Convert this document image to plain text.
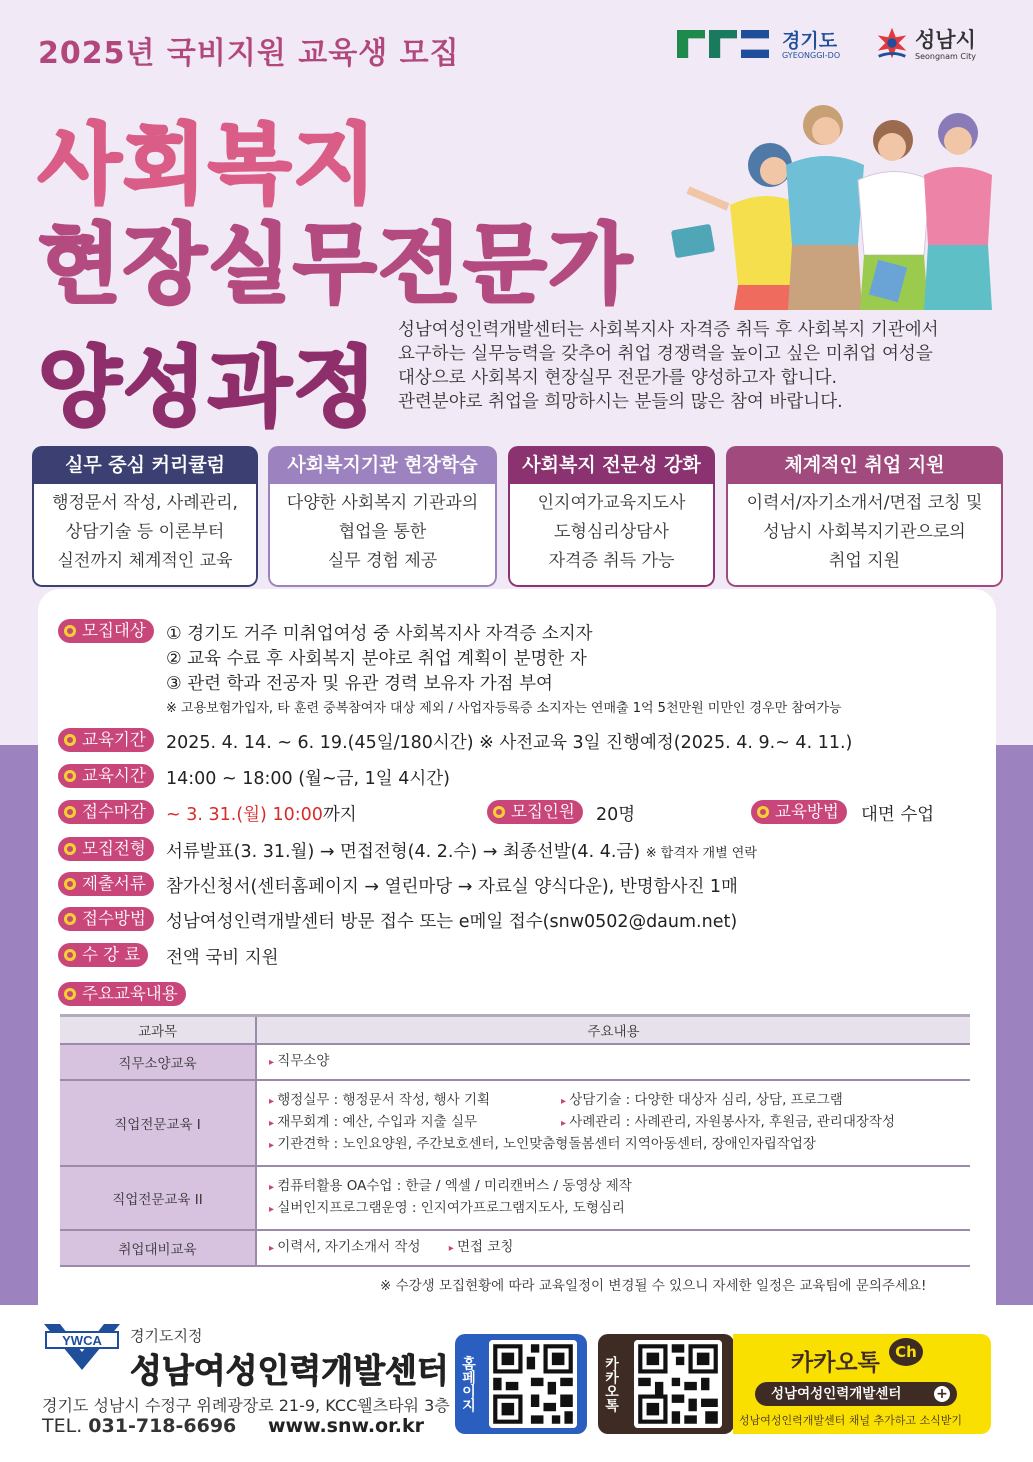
2025년 국비지원 교육생 모집	경기도
GYEONGGI-DO
성남시
Seongnam City
사회복지
현장실무전문가
양성과정
성남여성인력개발센터는 사회복지사 자격증 취득 후 사회복지 기관에서
요구하는 실무능력을 갖추어 취업 경쟁력을 높이고 싶은 미취업 여성을
대상으로 사회복지 현장실무 전문가를 양성하고자 합니다.
관련분야로 취업을 희망하시는 분들의 많은 참여 바랍니다.
실무 중심 커리큘럼
행정문서 작성, 사례관리,
상담기술 등 이론부터
실전까지 체계적인 교육
사회복지기관 현장학습
다양한 사회복지 기관과의
협업을 통한
실무 경험 제공
사회복지 전문성 강화
인지여가교육지도사
도형심리상담사
자격증 취득 가능
체계적인 취업 지원
이력서/자기소개서/면접 코칭 및
성남시 사회복지기관으로의
취업 지원
모집대상	① 경기도 거주 미취업여성 중 사회복지사 자격증 소지자
② 교육 수료 후 사회복지 분야로 취업 계획이 분명한 자
③ 관련 학과 전공자 및 유관 경력 보유자 가점 부여
※ 고용보험가입자, 타 훈련 중복참여자 대상 제외 / 사업자등록증 소지자는 연매출 1억 5천만원 미만인 경우만 참여가능
교육기간	2025. 4. 14. ~ 6. 19.(45일/180시간) ※ 사전교육 3일 진행예정(2025. 4. 9.~ 4. 11.)
교육시간	14:00 ~ 18:00 (월~금, 1일 4시간)
접수마감	~ 3. 31.(월) 10:00까지	모집인원	20명	교육방법	대면 수업
모집전형	서류발표(3. 31.월) → 면접전형(4. 2.수) → 최종선발(4. 4.금) ※ 합격자 개별 연락
제출서류	참가신청서(센터홈페이지 → 열린마당 → 자료실 양식다운), 반명함사진 1매
접수방법	성남여성인력개발센터 방문 접수 또는 e메일 접수(snw0502@daum.net)
수 강 료	전액 국비 지원
주요교육내용
교과목	주요내용
직무소양교육	▸ 직무소양

직업전문교육 I	▸ 행정실무 : 행정문서 작성, 행사 기획 ▸ 상담기술 : 다양한 대상자 심리, 상담, 프로그램
▸ 재무회계 : 예산, 수입과 지출 실무 ▸ 사례관리 : 사례관리, 자원봉사자, 후원금, 관리대장작성
▸ 기관견학 : 노인요양원, 주간보호센터, 노인맞춤형돌봄센터 지역아동센터, 장애인자립작업장

직업전문교육 II	▸ 컴퓨터활용 OA수업 : 한글 / 엑셀 / 미리캔버스 / 동영상 제작
▸ 실버인지프로그램운영 : 인지여가프로그램지도사, 도형심리

취업대비교육	▸ 이력서, 자기소개서 작성 ▸ 면접 코칭
※ 수강생 모집현황에 따라 교육일정이 변경될 수 있으니 자세한 일정은 교육팀에 문의주세요!
YWCA 경기도지정
성남여성인력개발센터
경기도 성남시 수정구 위례광장로 21-9, KCC웰츠타워 3층
TEL. 031-718-6696 www.snw.or.kr
홈페이지	카카오톡	카카오톡	Ch
성남여성인력개발센터 +
성남여성인력개발센터 채널 추가하고 소식받기
